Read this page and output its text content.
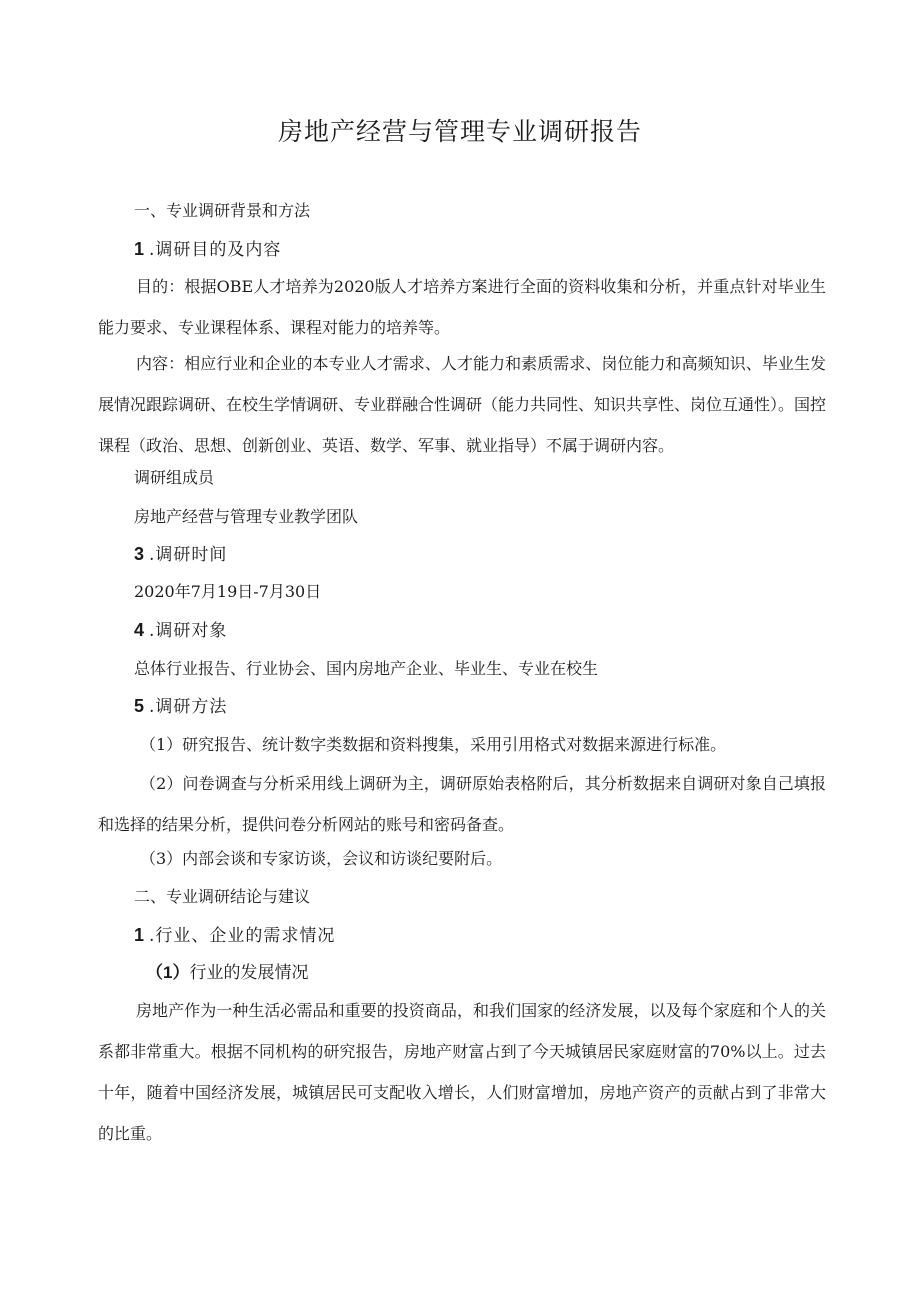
房地产经营与管理专业调研报告

一、专业调研背景和方法

1 .调研目的及内容

目的：根据OBE人才培养为2020版人才培养方案进行全面的资料收集和分析，并重点针对毕业生能力要求、专业课程体系、课程对能力的培养等。

内容：相应行业和企业的本专业人才需求、人才能力和素质需求、岗位能力和高频知识、毕业生发展情况跟踪调研、在校生学情调研、专业群融合性调研（能力共同性、知识共享性、岗位互通性）。国控课程（政治、思想、创新创业、英语、数学、军事、就业指导）不属于调研内容。

调研组成员

房地产经营与管理专业教学团队

3 .调研时间

2020年7月19日-7月30日

4 .调研对象

总体行业报告、行业协会、国内房地产企业、毕业生、专业在校生

5 .调研方法

（1）研究报告、统计数字类数据和资料搜集，采用引用格式对数据来源进行标准。

（2）问卷调查与分析采用线上调研为主，调研原始表格附后，其分析数据来自调研对象自己填报和选择的结果分析，提供问卷分析网站的账号和密码备查。

（3）内部会谈和专家访谈，会议和访谈纪要附后。

二、专业调研结论与建议

1 .行业、企业的需求情况

（1）行业的发展情况

房地产作为一种生活必需品和重要的投资商品，和我们国家的经济发展，以及每个家庭和个人的关系都非常重大。根据不同机构的研究报告，房地产财富占到了今天城镇居民家庭财富的70%以上。过去十年，随着中国经济发展，城镇居民可支配收入增长，人们财富增加，房地产资产的贡献占到了非常大的比重。
